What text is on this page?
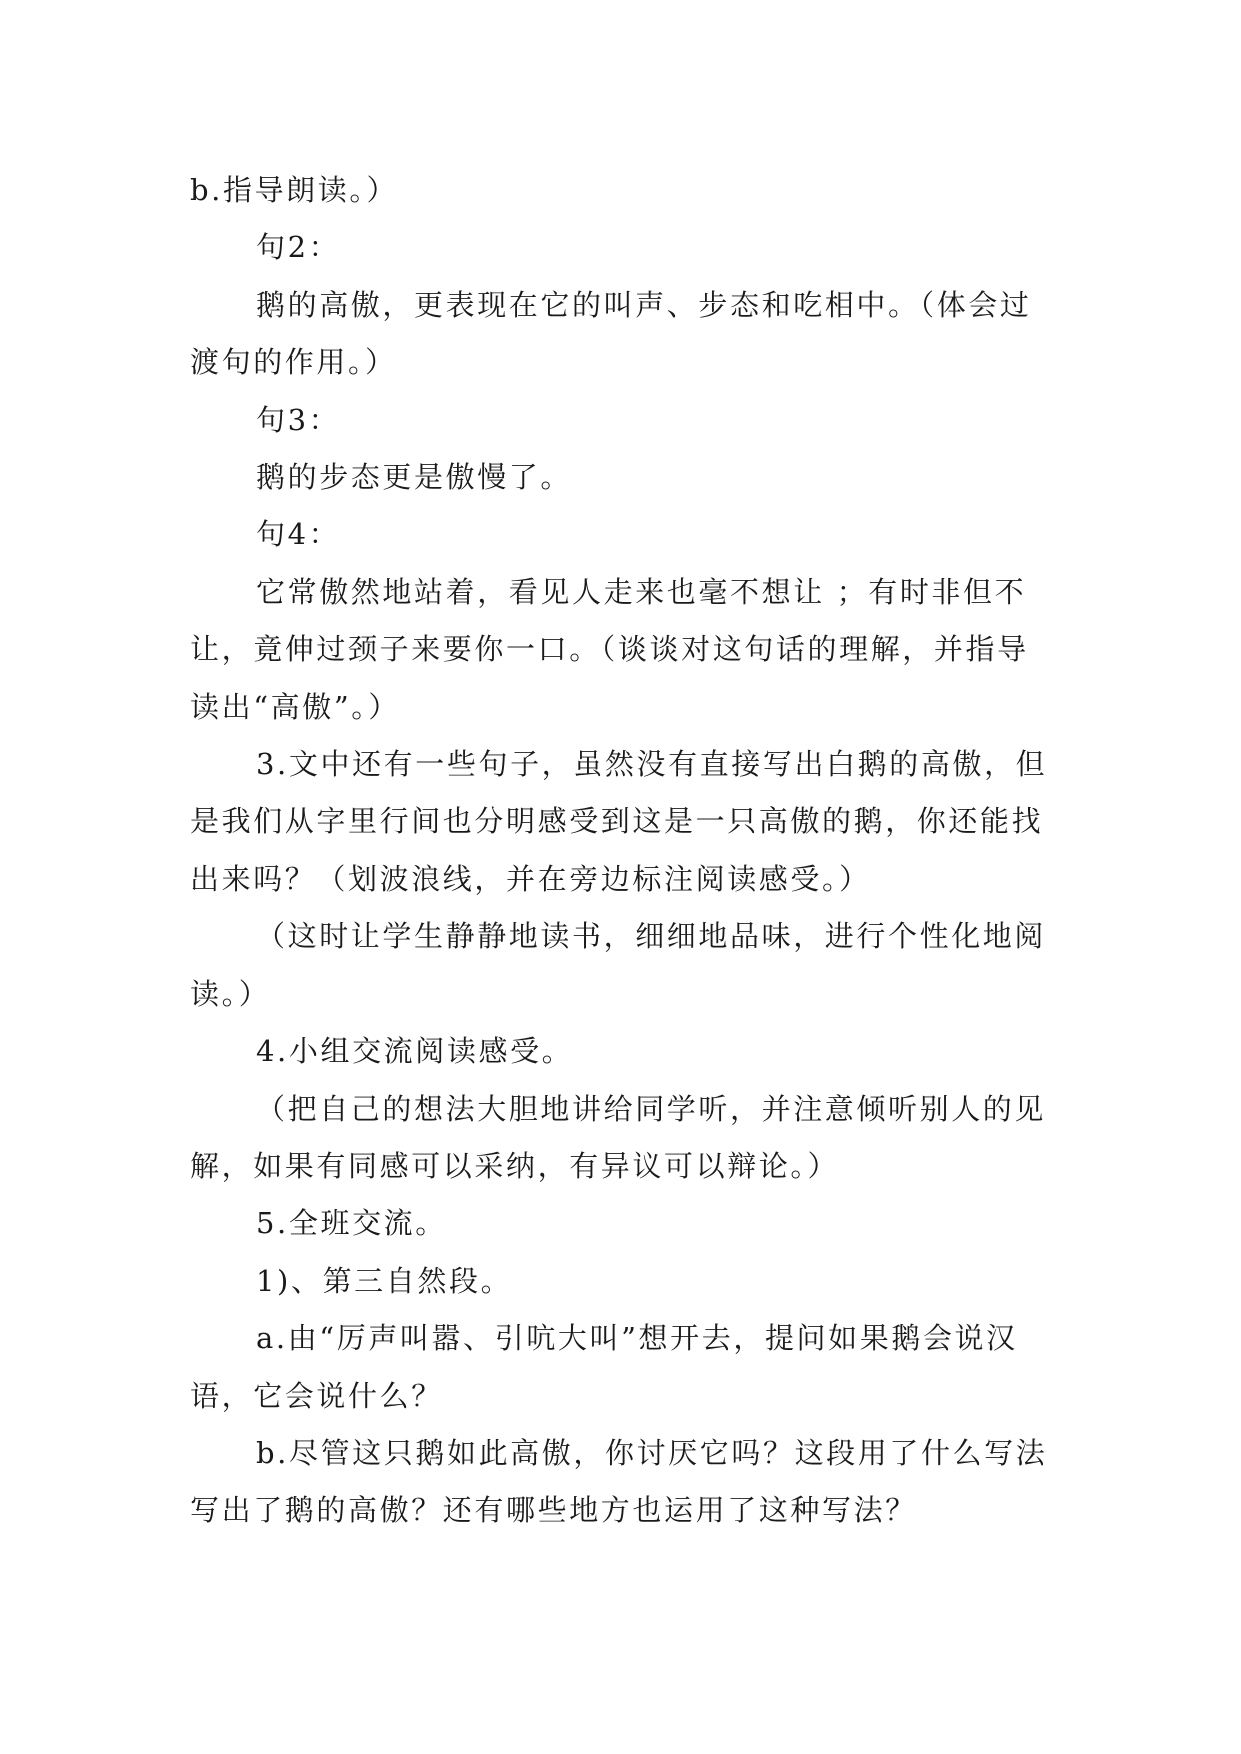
b.指导朗读。）

句2：

鹅的高傲，更表现在它的叫声、步态和吃相中。（体会过渡句的作用。）

句3：

鹅的步态更是傲慢了。

句4：

它常傲然地站着，看见人走来也毫不想让 ；有时非但不让，竟伸过颈子来要你一口。（谈谈对这句话的理解，并指导读出“高傲”。）

3.文中还有一些句子，虽然没有直接写出白鹅的高傲，但是我们从字里行间也分明感受到这是一只高傲的鹅，你还能找出来吗？（划波浪线，并在旁边标注阅读感受。）

（这时让学生静静地读书，细细地品味，进行个性化地阅读。）

4.小组交流阅读感受。

（把自己的想法大胆地讲给同学听，并注意倾听别人的见解，如果有同感可以采纳，有异议可以辩论。）

5.全班交流。

1)、第三自然段。

a.由“厉声叫嚣、引吭大叫”想开去，提问如果鹅会说汉语，它会说什么？

b.尽管这只鹅如此高傲，你讨厌它吗？这段用了什么写法写出了鹅的高傲？还有哪些地方也运用了这种写法？
